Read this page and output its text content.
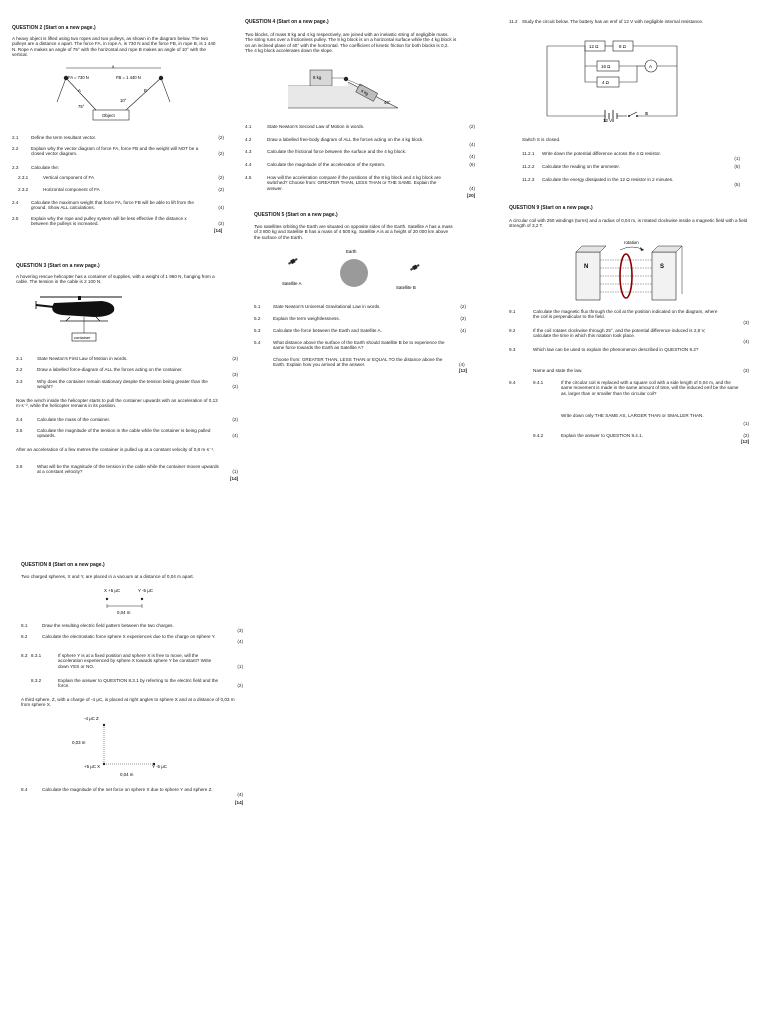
QUESTION 2 (Start on a new page.)
A heavy object is lifted using two ropes and two pulleys, as shown in the diagram below. The two pulleys are a distance x apart. The force FA, in rope A, is 730 N and the force FB, in rope B, is 1 440 N. Rope A makes an angle of 75° with the horizontal and rope B makes an angle of 10° with the vertical.
x
FA = 730 N	FB = 1 440 N
75°
10°
A	B
Object
2.1	Define the term resultant vector.	(2)
2.2	Explain why the vector diagram of force FA, force FB and the weight will NOT be a closed vector diagram.	(2)
2.3	Calculate the:
2.3.1	Vertical component of FA	(2)
2.3.2	Horizontal component of FA	(2)
2.4	Calculate the maximum weight that force FA, force FB will be able to lift from the ground. Show ALL calculations.	(4)
2.5	Explain why the rope and pulley system will be less effective if the distance x between the pulleys is increased.	(2)
[14]
QUESTION 3 (Start on a new page.)
A hovering rescue helicopter has a container of supplies, with a weight of 1 960 N, hanging from a cable. The tension in the cable is 2 100 N.
container
3.1	State Newton's First Law of Motion in words.	(2)
3.2	Draw a labelled force-diagram of ALL the forces acting on the container.
(3)
3.3	Why does the container remain stationary despite the tension being greater than the weight?	(2)
Now the winch inside the helicopter starts to pull the container upwards with an acceleration of 0,13 m·s⁻², while the helicopter remains in its position.
3.4	Calculate the mass of the container.	(2)
3.5	Calculate the magnitude of the tension in the cable while the container is being pulled upwards.	(4)
After an acceleration of a few metres the container is pulled up at a constant velocity of 0,8 m·s⁻¹.
3.6	What will be the magnitude of the tension in the cable while the container moves upwards at a constant velocity?	(1)
[14]
QUESTION 4 (Start on a new page.)
Two blocks, of mass 8 kg and 4 kg respectively, are joined with an inelastic string of negligible mass. The string runs over a frictionless pulley. The 8 kg block is on a horizontal surface while the 4 kg block is on an inclined plane of 40° with the horizontal. The coefficient of kinetic friction for both blocks is 0,2. The 4 kg block accelerates down the slope.
8 kg
4 kg
40°
4.1	State Newton's Second Law of Motion in words.	(2)
4.2	Draw a labelled free-body diagram of ALL the forces acting on the 4 kg block.
(4)
4.3	Calculate the frictional force between the surface and the 4 kg block.
(4)
4.4	Calculate the magnitude of the acceleration of the system.	(6)
4.5	How will the acceleration compare if the positions of the 8 kg block and 4 kg block are switched? Choose from: GREATER THAN, LESS THAN or THE SAME. Explain the answer.	(4)
[20]
QUESTION 5 (Start on a new page.)
Two satellites orbiting the Earth are situated on opposite sides of the Earth. Satellite A has a mass of 3 800 kg and Satellite B has a mass of 4 500 kg. Satellite A is at a height of 20 000 km above the surface of the Earth.
Earth
Satellite A
Satellite B
5.1	State Newton's Universal Gravitational Law in words.	(2)
5.2	Explain the term weightlessness.	(2)
5.3	Calculate the force between the Earth and Satellite A.	(4)
5.4	What distance above the surface of the Earth should Satellite B be to experience the same force towards the Earth as Satellite A?
Choose from: GREATER THAN, LESS THAN or EQUAL TO the distance above the Earth. Explain how you arrived at the answer.	(4)
[12]
11.2 Study the circuit below. The battery has an emf of 12 V with negligible internal resistance.
12 Ω	8 Ω
12 V
S
16 Ω
4 Ω
A
Switch S is closed.
11.2.1 Write down the potential difference across the 4 Ω resistor.
(1)
11.2.2 Calculate the reading on the ammeter.	(5)
11.2.3 Calculate the energy dissipated in the 12 Ω resistor in 2 minutes.
(5)
QUESTION 9 (Start on a new page.)
A circular coil with 250 windings (turns) and a radius of 0,04 m, is rotated clockwise inside a magnetic field with a field strength of 3,2 T.
rotation
N	S
9.1	Calculate the magnetic flux through the coil at the position indicated on the diagram, where the coil is perpendicular to the field.
(3)
9.2	If the coil rotates clockwise through 25°, and the potential difference induced is 2,8 V, calculate the time in which this rotation took place.
(4)
9.3	Which law can be used to explain the phenomenon described in QUESTION 9.2?
Name and state the law.	(3)
9.4	9.4.1	If the circular coil is replaced with a square coil with a side length of 0,04 m, and the same movement is made in the same amount of time, will the induced emf be the same as, larger than or smaller than the circular coil?
Write down only THE SAME AS, LARGER THAN or SMALLER THAN.
(1)
9.4.2	Explain the answer to QUESTION 9.4.1.	(2)
[12]
QUESTION 8 (Start on a new page.)
Two charged spheres, X and Y, are placed in a vacuum at a distance of 0,04 m apart.
X +5 μC	Y -5 μC
0,04 m
8.1	Draw the resulting electric field pattern between the two charges.
(3)
8.2	Calculate the electrostatic force sphere X experiences due to the charge on sphere Y.
(4)
8.3 8.3.1	If sphere Y is at a fixed position and sphere X is free to move, will the acceleration experienced by sphere X towards sphere Y be constant? Write down YES or NO.	(1)
8.3.2	Explain the answer to QUESTION 8.3.1 by referring to the electric field and the force.	(2)
A third sphere, Z, with a charge of -4 μC, is placed at right angles to sphere X and at a distance of 0,03 m from sphere X.
-4 μC Z
0,03 m
+5 μC X	Y -5 μC
0,04 m
8.4	Calculate the magnitude of the net force on sphere X due to sphere Y and sphere Z.
(4)
[14]
